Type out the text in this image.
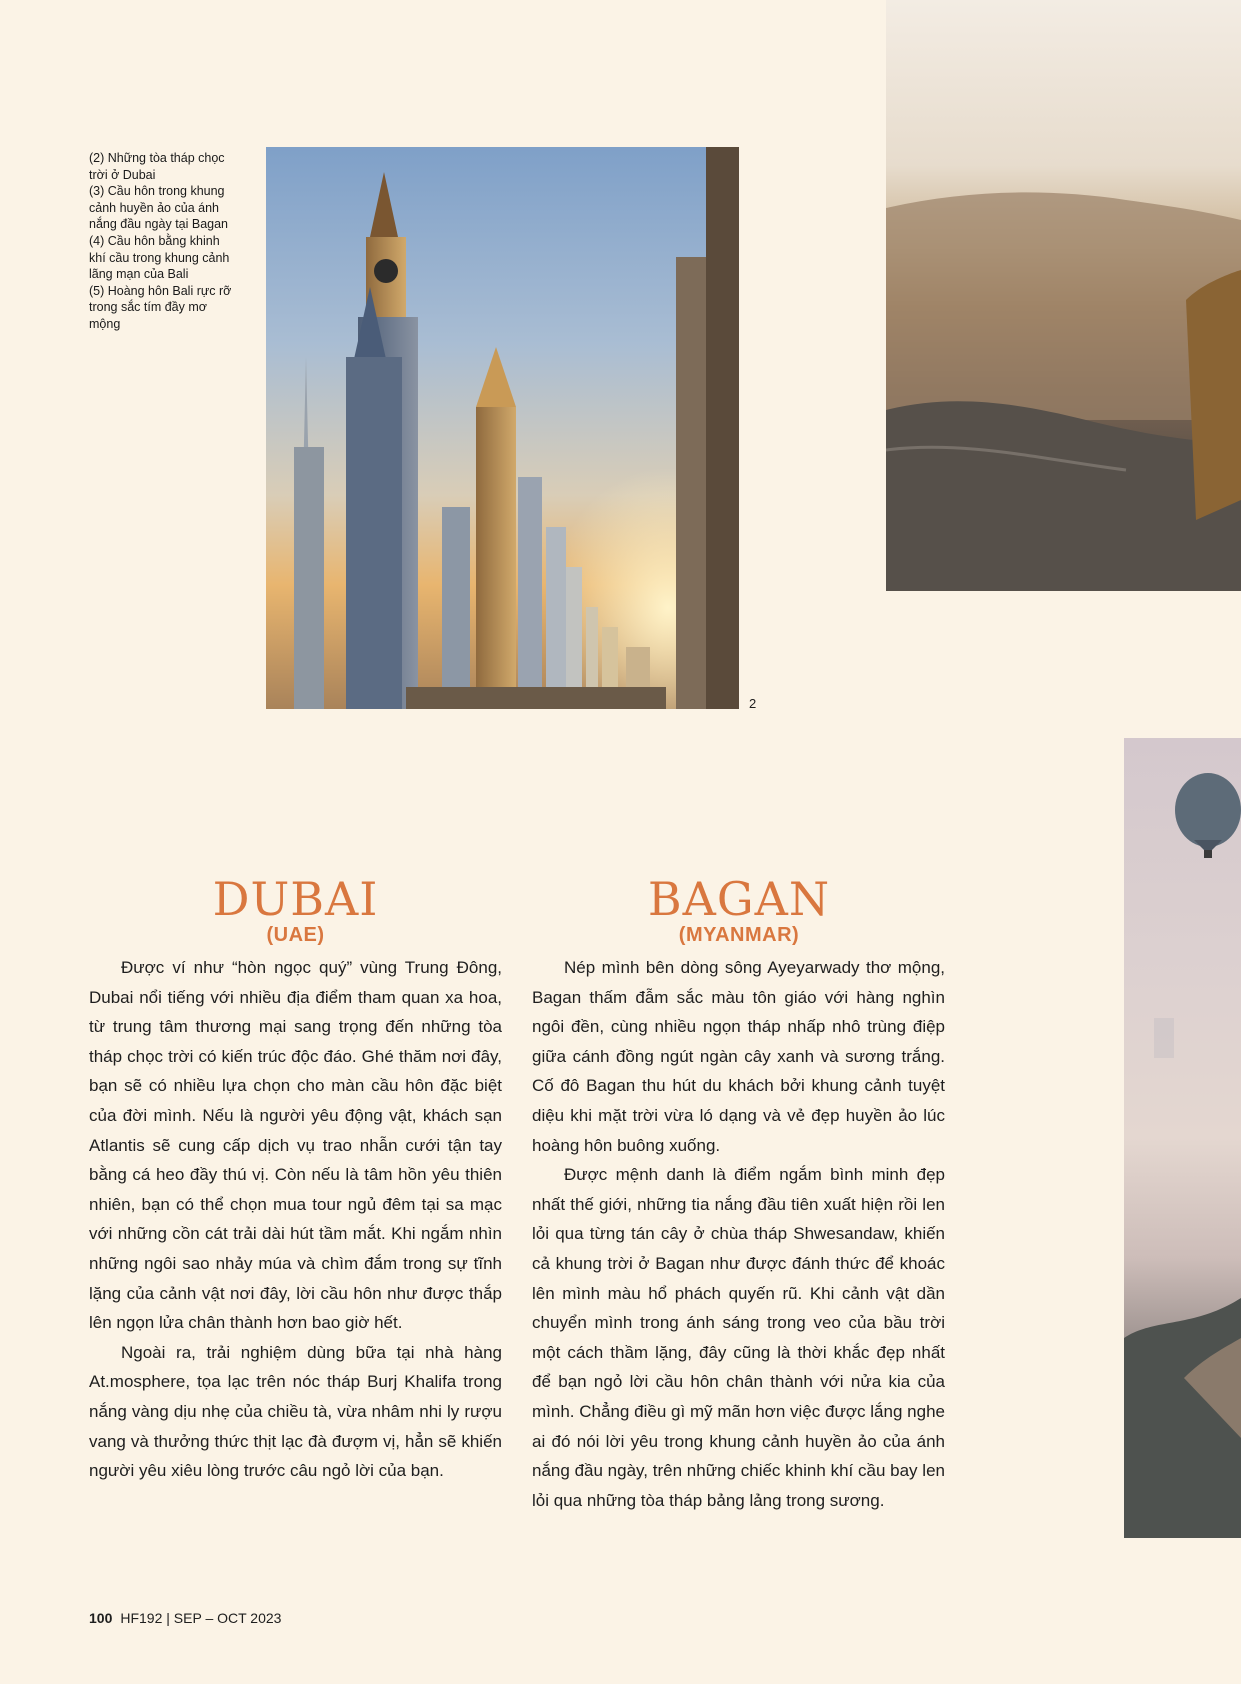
(2) Những tòa tháp chọc trời ở Dubai
(3) Cầu hôn trong khung cảnh huyền ảo của ánh nắng đầu ngày tại Bagan
(4) Cầu hôn bằng khinh khí cầu trong khung cảnh lãng mạn của Bali
(5) Hoàng hôn Bali rực rỡ trong sắc tím đầy mơ mộng
2
DUBAI
(UAE)
BAGAN
(MYANMAR)

Được ví như “hòn ngọc quý” vùng Trung Đông, Dubai nổi tiếng với nhiều địa điểm tham quan xa hoa, từ trung tâm thương mại sang trọng đến những tòa tháp chọc trời có kiến trúc độc đáo. Ghé thăm nơi đây, bạn sẽ có nhiều lựa chọn cho màn cầu hôn đặc biệt của đời mình. Nếu là người yêu động vật, khách sạn Atlantis sẽ cung cấp dịch vụ trao nhẫn cưới tận tay bằng cá heo đầy thú vị. Còn nếu là tâm hồn yêu thiên nhiên, bạn có thể chọn mua tour ngủ đêm tại sa mạc với những cồn cát trải dài hút tầm mắt. Khi ngắm nhìn những ngôi sao nhảy múa và chìm đắm trong sự tĩnh lặng của cảnh vật nơi đây, lời cầu hôn như được thắp lên ngọn lửa chân thành hơn bao giờ hết.

Ngoài ra, trải nghiệm dùng bữa tại nhà hàng At.mosphere, tọa lạc trên nóc tháp Burj Khalifa trong nắng vàng dịu nhẹ của chiều tà, vừa nhâm nhi ly rượu vang và thưởng thức thịt lạc đà đượm vị, hẳn sẽ khiến người yêu xiêu lòng trước câu ngỏ lời của bạn.

Nép mình bên dòng sông Ayeyarwady thơ mộng, Bagan thấm đẫm sắc màu tôn giáo với hàng nghìn ngôi đền, cùng nhiều ngọn tháp nhấp nhô trùng điệp giữa cánh đồng ngút ngàn cây xanh và sương trắng. Cố đô Bagan thu hút du khách bởi khung cảnh tuyệt diệu khi mặt trời vừa ló dạng và vẻ đẹp huyền ảo lúc hoàng hôn buông xuống.

Được mệnh danh là điểm ngắm bình minh đẹp nhất thế giới, những tia nắng đầu tiên xuất hiện rồi len lỏi qua từng tán cây ở chùa tháp Shwesandaw, khiến cả khung trời ở Bagan như được đánh thức để khoác lên mình màu hổ phách quyến rũ. Khi cảnh vật dần chuyển mình trong ánh sáng trong veo của bầu trời một cách thầm lặng, đây cũng là thời khắc đẹp nhất để bạn ngỏ lời cầu hôn chân thành với nửa kia của mình. Chẳng điều gì mỹ mãn hơn việc được lắng nghe ai đó nói lời yêu trong khung cảnh huyền ảo của ánh nắng đầu ngày, trên những chiếc khinh khí cầu bay len lỏi qua những tòa tháp bảng lảng trong sương.

100 HF192 | SEP – OCT 2023
